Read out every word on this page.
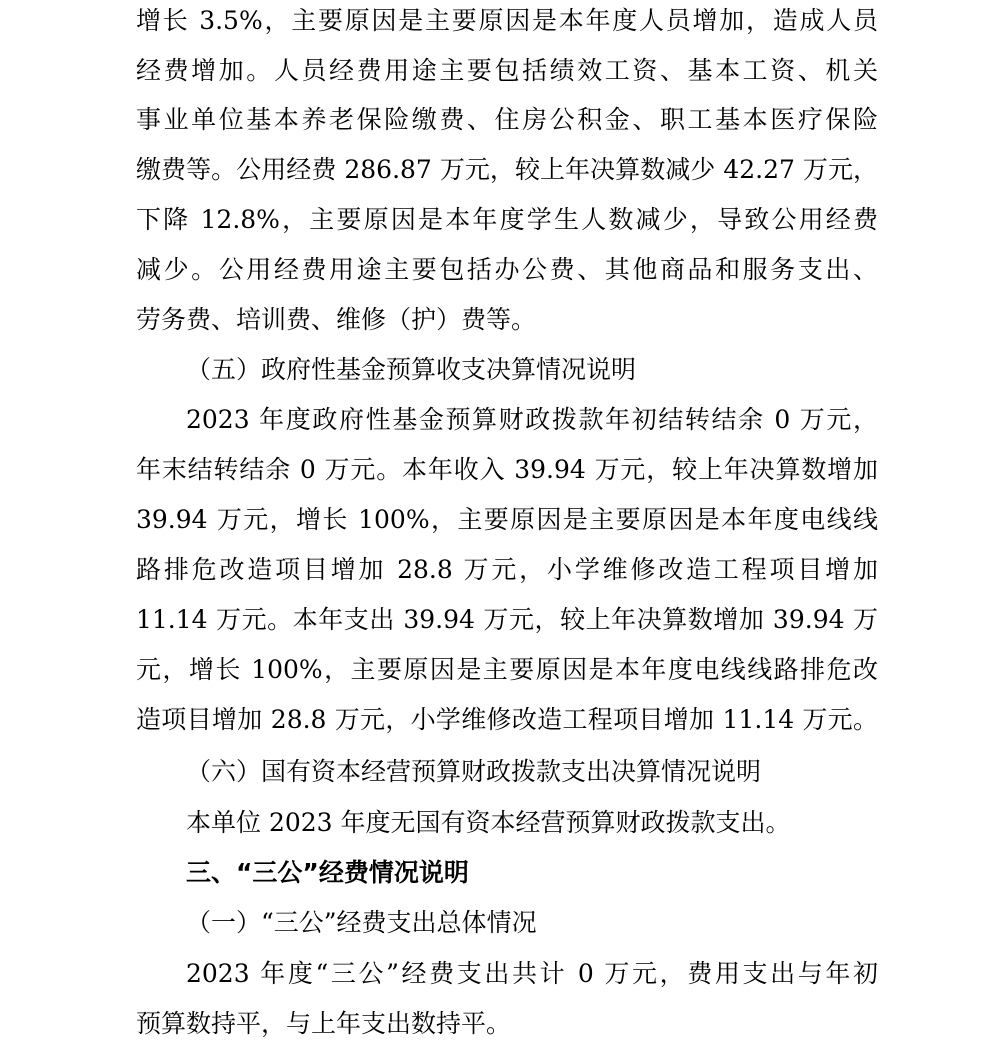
增长 3.5%，主要原因是主要原因是本年度人员增加，造成人员
经费增加。人员经费用途主要包括绩效工资、基本工资、机关
事业单位基本养老保险缴费、住房公积金、职工基本医疗保险
缴费等。公用经费 286.87 万元，较上年决算数减少 42.27 万元，
下降 12.8%，主要原因是本年度学生人数减少，导致公用经费
减少。公用经费用途主要包括办公费、其他商品和服务支出、
劳务费、培训费、维修（护）费等。
（五）政府性基金预算收支决算情况说明
2023 年度政府性基金预算财政拨款年初结转结余 0 万元，
年末结转结余 0 万元。本年收入 39.94 万元，较上年决算数增加
39.94 万元，增长 100%，主要原因是主要原因是本年度电线线
路排危改造项目增加 28.8 万元，小学维修改造工程项目增加
11.14 万元。本年支出 39.94 万元，较上年决算数增加 39.94 万
元，增长 100%，主要原因是主要原因是本年度电线线路排危改
造项目增加 28.8 万元，小学维修改造工程项目增加 11.14 万元。
（六）国有资本经营预算财政拨款支出决算情况说明
本单位 2023 年度无国有资本经营预算财政拨款支出。
三、“三公”经费情况说明
（一）“三公”经费支出总体情况
2023 年度“三公”经费支出共计 0 万元，费用支出与年初
预算数持平，与上年支出数持平。
